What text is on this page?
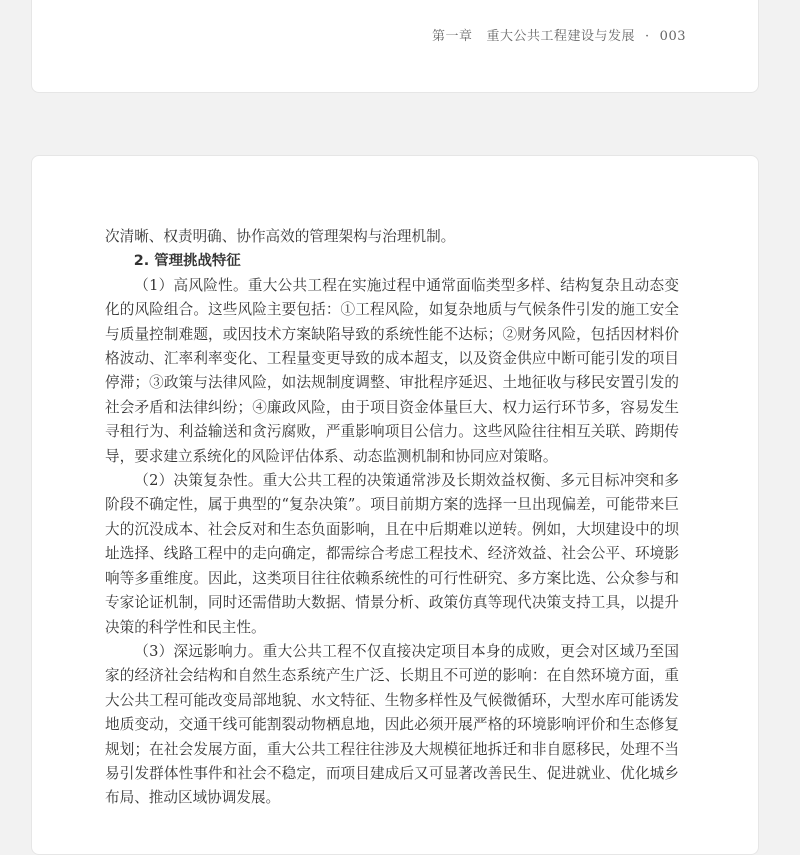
第一章 重大公共工程建设与发展 · 003

次清晰、权责明确、协作高效的管理架构与治理机制。

2. 管理挑战特征

（1）高风险性。重大公共工程在实施过程中通常面临类型多样、结构复杂且动态变化的风险组合。这些风险主要包括：①工程风险，如复杂地质与气候条件引发的施工安全与质量控制难题，或因技术方案缺陷导致的系统性能不达标；②财务风险，包括因材料价格波动、汇率利率变化、工程量变更导致的成本超支，以及资金供应中断可能引发的项目停滞；③政策与法律风险，如法规制度调整、审批程序延迟、土地征收与移民安置引发的社会矛盾和法律纠纷；④廉政风险，由于项目资金体量巨大、权力运行环节多，容易发生寻租行为、利益输送和贪污腐败，严重影响项目公信力。这些风险往往相互关联、跨期传导，要求建立系统化的风险评估体系、动态监测机制和协同应对策略。

（2）决策复杂性。重大公共工程的决策通常涉及长期效益权衡、多元目标冲突和多阶段不确定性，属于典型的“复杂决策”。项目前期方案的选择一旦出现偏差，可能带来巨大的沉没成本、社会反对和生态负面影响，且在中后期难以逆转。例如，大坝建设中的坝址选择、线路工程中的走向确定，都需综合考虑工程技术、经济效益、社会公平、环境影响等多重维度。因此，这类项目往往依赖系统性的可行性研究、多方案比选、公众参与和专家论证机制，同时还需借助大数据、情景分析、政策仿真等现代决策支持工具，以提升决策的科学性和民主性。

（3）深远影响力。重大公共工程不仅直接决定项目本身的成败，更会对区域乃至国家的经济社会结构和自然生态系统产生广泛、长期且不可逆的影响：在自然环境方面，重大公共工程可能改变局部地貌、水文特征、生物多样性及气候微循环，大型水库可能诱发地质变动，交通干线可能割裂动物栖息地，因此必须开展严格的环境影响评价和生态修复规划；在社会发展方面，重大公共工程往往涉及大规模征地拆迁和非自愿移民，处理不当易引发群体性事件和社会不稳定，而项目建成后又可显著改善民生、促进就业、优化城乡布局、推动区域协调发展。
